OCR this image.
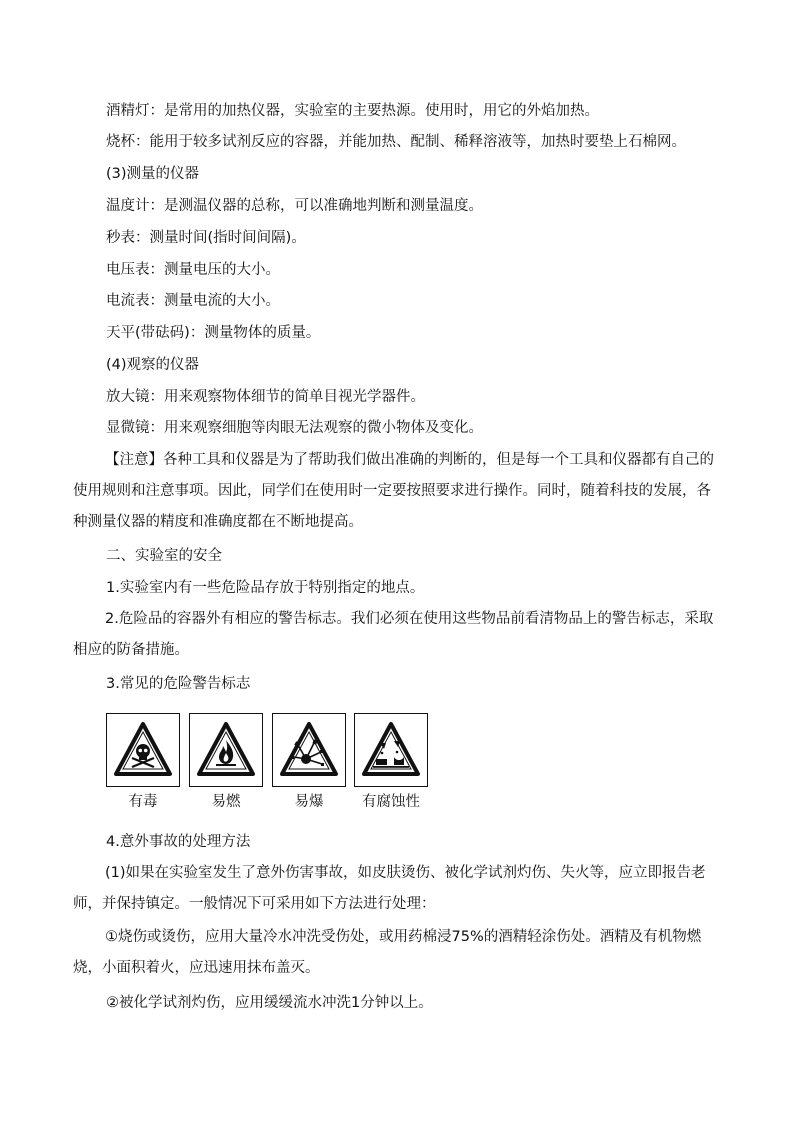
酒精灯：是常用的加热仪器，实验室的主要热源。使用时，用它的外焰加热。
烧杯：能用于较多试剂反应的容器，并能加热、配制、稀释溶液等，加热时要垫上石棉网。
(3)测量的仪器
温度计：是测温仪器的总称，可以准确地判断和测量温度。
秒表：测量时间(指时间间隔)。
电压表：测量电压的大小。
电流表：测量电流的大小。
天平(带砝码)：测量物体的质量。
(4)观察的仪器
放大镜：用来观察物体细节的简单目视光学器件。
显微镜：用来观察细胞等肉眼无法观察的微小物体及变化。
【注意】各种工具和仪器是为了帮助我们做出准确的判断的，但是每一个工具和仪器都有自己的使用规则和注意事项。因此，同学们在使用时一定要按照要求进行操作。同时，随着科技的发展，各种测量仪器的精度和准确度都在不断地提高。
二、实验室的安全
1.实验室内有一些危险品存放于特别指定的地点。
2.危险品的容器外有相应的警告标志。我们必须在使用这些物品前看清物品上的警告标志，采取相应的防备措施。
3.常见的危险警告标志
有毒	易燃	易爆	有腐蚀性
4.意外事故的处理方法
(1)如果在实验室发生了意外伤害事故，如皮肤烫伤、被化学试剂灼伤、失火等，应立即报告老师，并保持镇定。一般情况下可采用如下方法进行处理：
①烧伤或烫伤，应用大量冷水冲洗受伤处，或用药棉浸75%的酒精轻涂伤处。酒精及有机物燃烧，小面积着火，应迅速用抹布盖灭。
②被化学试剂灼伤，应用缓缓流水冲洗1分钟以上。
